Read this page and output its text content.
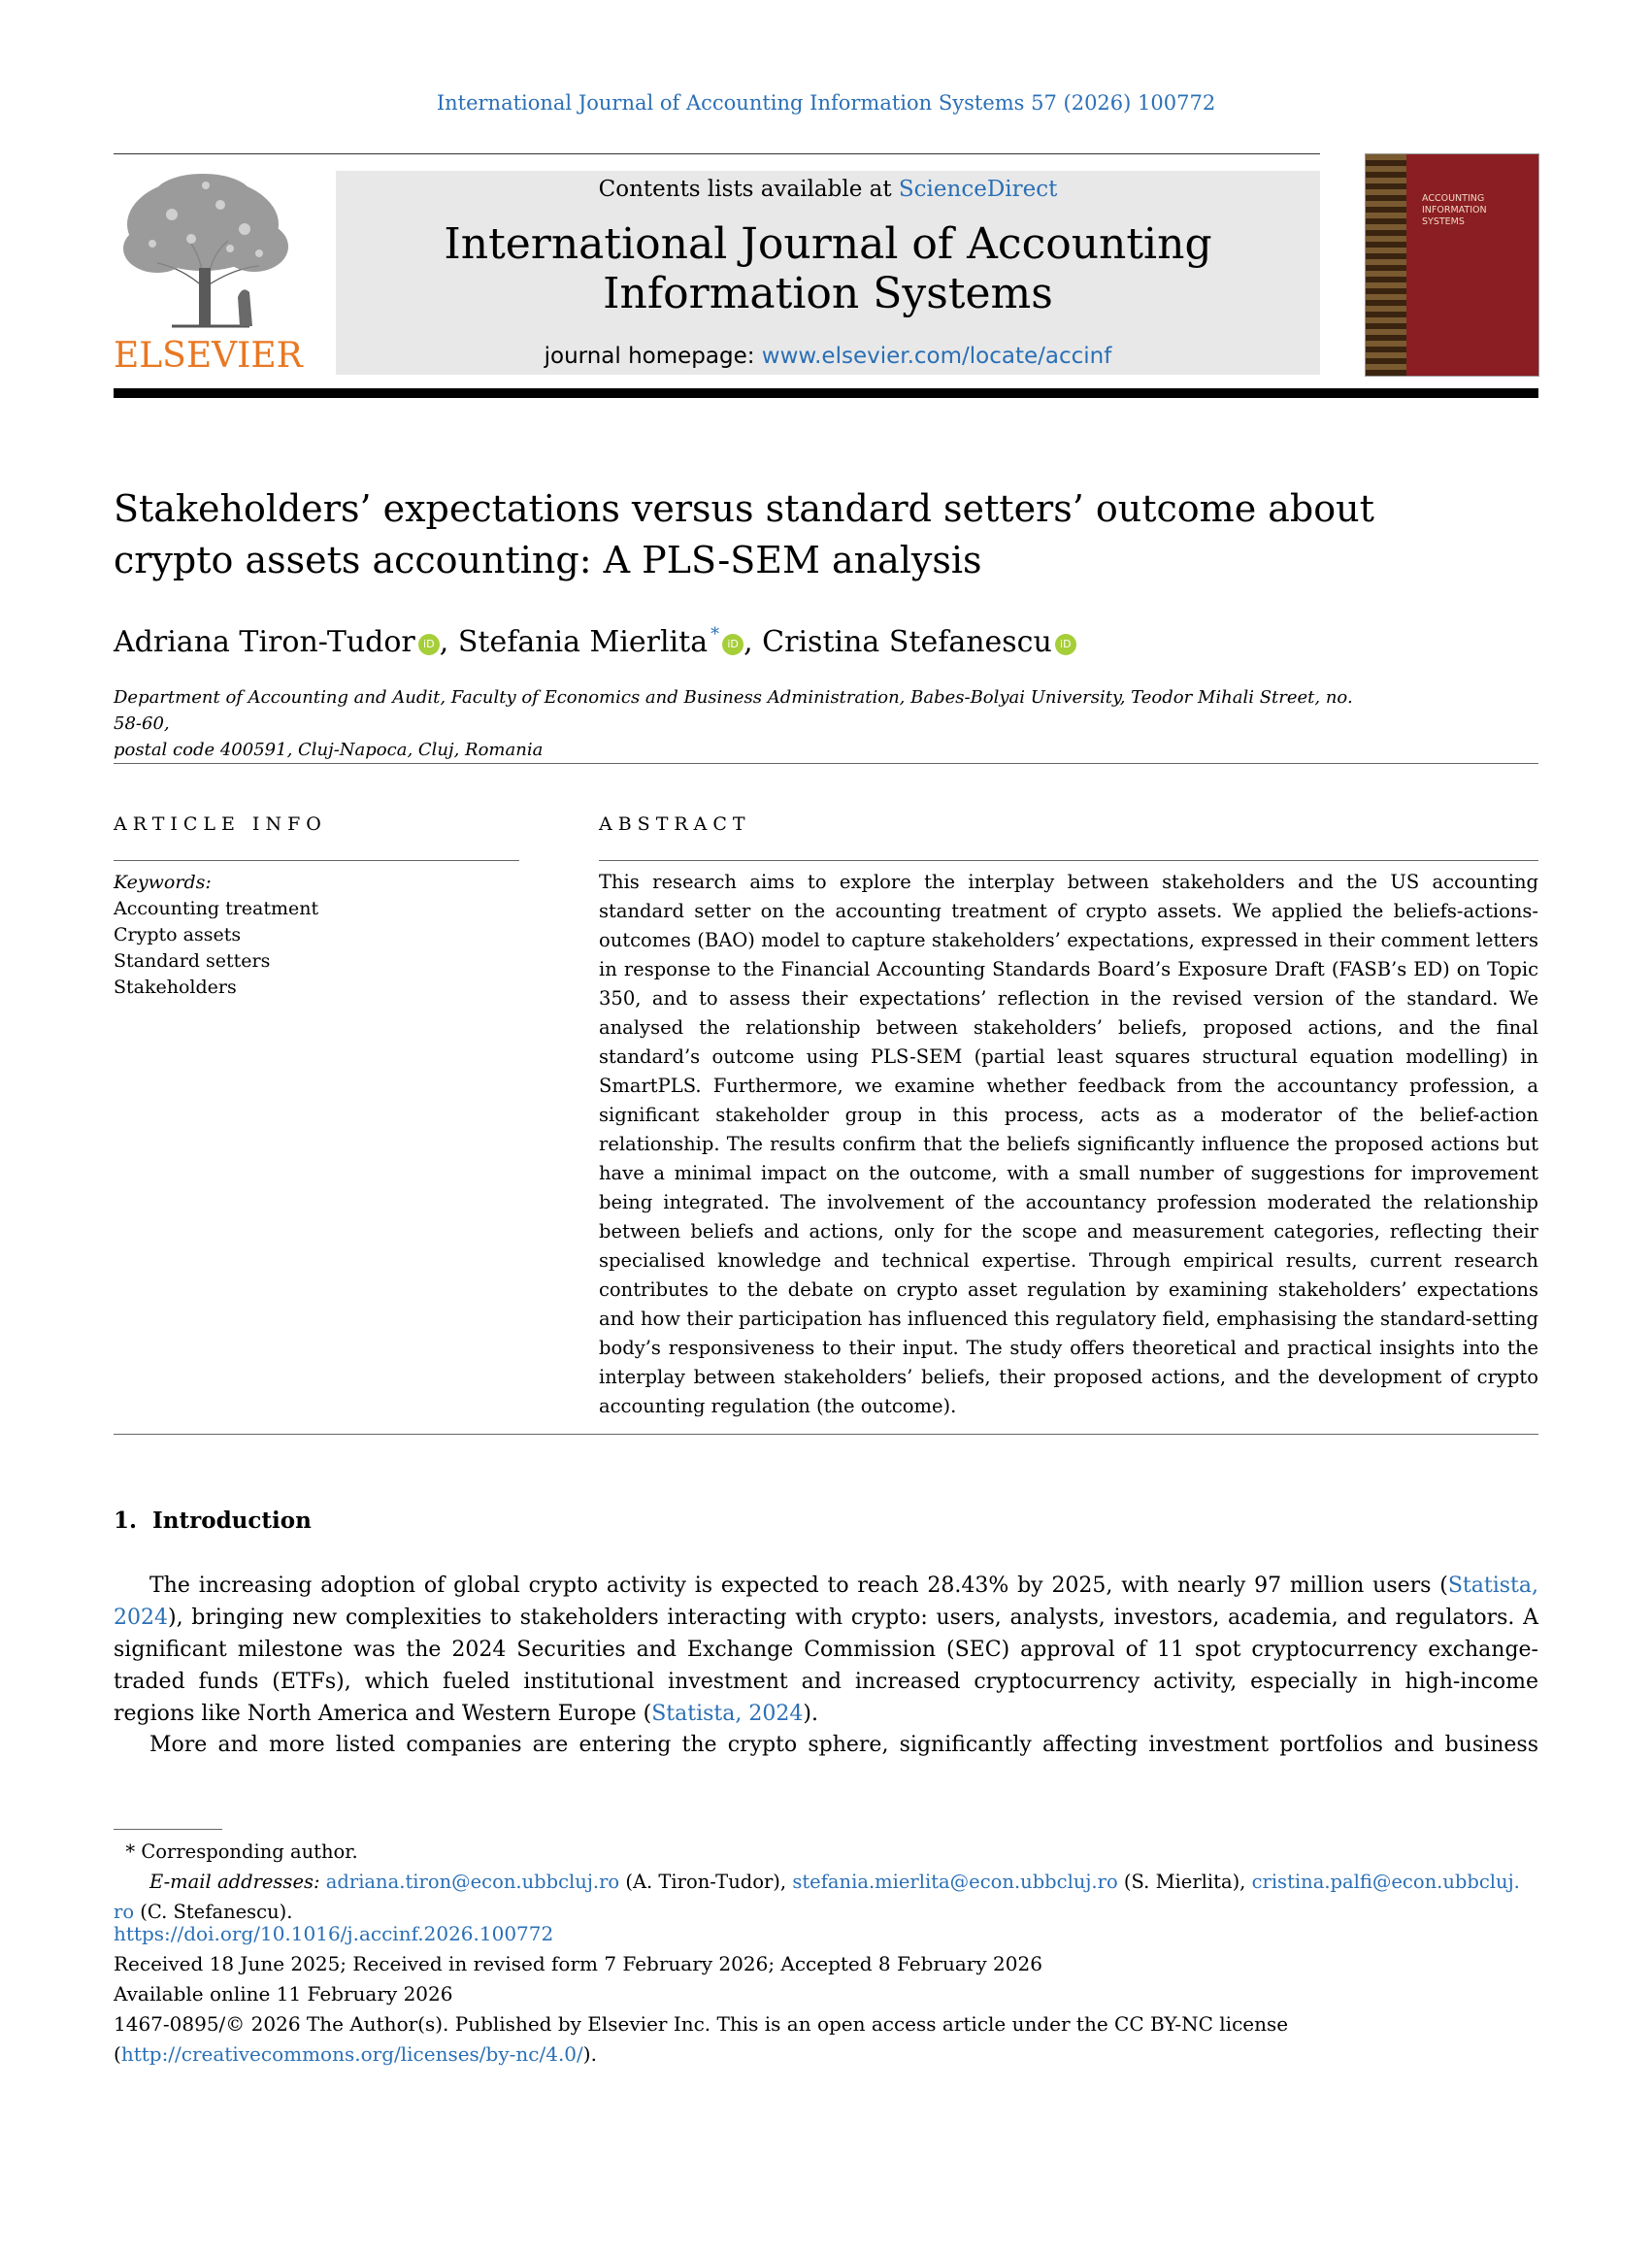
International Journal of Accounting Information Systems 57 (2026) 100772
ELSEVIER
Contents lists available at ScienceDirect
International Journal of Accounting
Information Systems
journal homepage: www.elsevier.com/locate/accinf
ACCOUNTING
INFORMATION
SYSTEMS
Stakeholders’ expectations versus standard setters’ outcome about
crypto assets accounting: A PLS-SEM analysis
Adriana Tiron-Tudor iD , Stefania Mierlita * iD , Cristina Stefanescu iD
Department of Accounting and Audit, Faculty of Economics and Business Administration, Babes-Bolyai University, Teodor Mihali Street, no. 58-60,
postal code 400591, Cluj-Napoca, Cluj, Romania
ARTICLE INFO
Keywords:
Accounting treatment
Crypto assets
Standard setters
Stakeholders
ABSTRACT
This research aims to explore the interplay between stakeholders and the US accounting standard setter on the accounting treatment of crypto assets. We applied the beliefs-actions-outcomes (BAO) model to capture stakeholders’ expectations, expressed in their comment letters in response to the Financial Accounting Standards Board’s Exposure Draft (FASB’s ED) on Topic 350, and to assess their expectations’ reflection in the revised version of the standard. We analysed the relationship between stakeholders’ beliefs, proposed actions, and the final standard’s outcome using PLS-SEM (partial least squares structural equation modelling) in SmartPLS. Furthermore, we examine whether feedback from the accountancy profession, a significant stakeholder group in this process, acts as a moderator of the belief-action relationship. The results confirm that the beliefs significantly influence the proposed actions but have a minimal impact on the outcome, with a small number of suggestions for improvement being integrated. The involvement of the accountancy profession moderated the relationship between beliefs and actions, only for the scope and measurement categories, reflecting their specialised knowledge and technical expertise. Through empirical results, current research contributes to the debate on crypto asset regulation by examining stakeholders’ expectations and how their participation has influenced this regulatory field, emphasising the standard-setting body’s responsiveness to their input. The study offers theoretical and practical insights into the interplay between stakeholders’ beliefs, their proposed actions, and the development of crypto accounting regulation (the outcome).
1. Introduction

The increasing adoption of global crypto activity is expected to reach 28.43% by 2025, with nearly 97 million users (Statista, 2024), bringing new complexities to stakeholders interacting with crypto: users, analysts, investors, academia, and regulators. A significant milestone was the 2024 Securities and Exchange Commission (SEC) approval of 11 spot cryptocurrency exchange-traded funds (ETFs), which fueled institutional investment and increased cryptocurrency activity, especially in high-income regions like North America and Western Europe (Statista, 2024).

More and more listed companies are entering the crypto sphere, significantly affecting investment portfolios and business

* Corresponding author.
E-mail addresses: adriana.tiron@econ.ubbcluj.ro (A. Tiron-Tudor), stefania.mierlita@econ.ubbcluj.ro (S. Mierlita), cristina.palfi@econ.ubbcluj.
ro (C. Stefanescu).
https://doi.org/10.1016/j.accinf.2026.100772
Received 18 June 2025; Received in revised form 7 February 2026; Accepted 8 February 2026
Available online 11 February 2026
1467-0895/© 2026 The Author(s). Published by Elsevier Inc. This is an open access article under the CC BY-NC license
(http://creativecommons.org/licenses/by-nc/4.0/).
